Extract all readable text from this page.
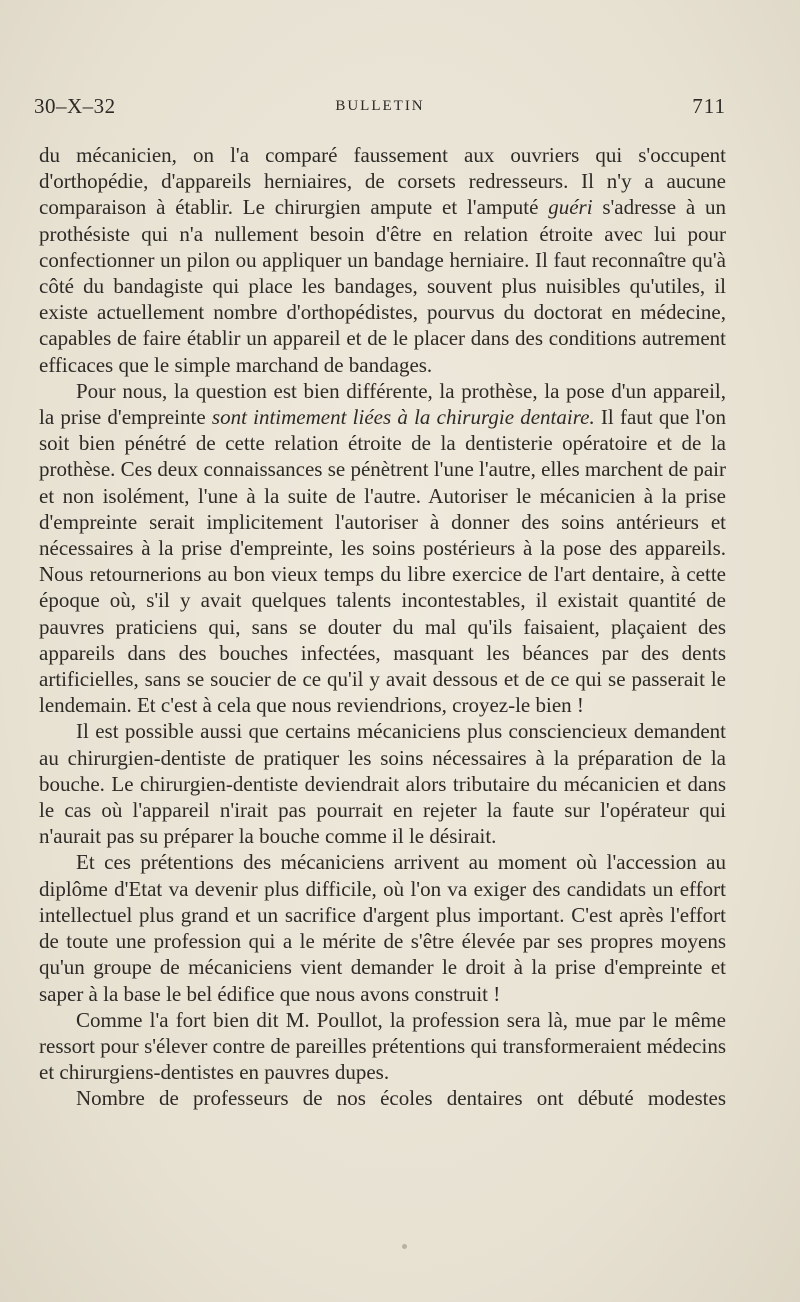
30–X–32	BULLETIN	711

du mécanicien, on l'a comparé faussement aux ouvriers qui s'occupent d'orthopédie, d'appareils herniaires, de corsets redresseurs. Il n'y a aucune comparaison à établir. Le chirurgien ampute et l'amputé guéri s'adresse à un prothésiste qui n'a nullement besoin d'être en relation étroite avec lui pour confectionner un pilon ou appliquer un bandage herniaire. Il faut reconnaître qu'à côté du bandagiste qui place les bandages, souvent plus nuisibles qu'utiles, il existe actuellement nombre d'orthopédistes, pourvus du doctorat en médecine, capables de faire établir un appareil et de le placer dans des conditions autrement efficaces que le simple marchand de bandages.

Pour nous, la question est bien différente, la prothèse, la pose d'un appareil, la prise d'empreinte sont intimement liées à la chirurgie dentaire. Il faut que l'on soit bien pénétré de cette relation étroite de la dentisterie opératoire et de la prothèse. Ces deux connaissances se pénètrent l'une l'autre, elles marchent de pair et non isolément, l'une à la suite de l'autre. Autoriser le mécanicien à la prise d'empreinte serait implicitement l'autoriser à donner des soins antérieurs et nécessaires à la prise d'empreinte, les soins postérieurs à la pose des appareils. Nous retournerions au bon vieux temps du libre exercice de l'art dentaire, à cette époque où, s'il y avait quelques talents incontestables, il existait quantité de pauvres praticiens qui, sans se douter du mal qu'ils faisaient, plaçaient des appareils dans des bouches infectées, masquant les béances par des dents artificielles, sans se soucier de ce qu'il y avait dessous et de ce qui se passerait le lendemain. Et c'est à cela que nous reviendrions, croyez-le bien !

Il est possible aussi que certains mécaniciens plus consciencieux demandent au chirurgien-dentiste de pratiquer les soins nécessaires à la préparation de la bouche. Le chirurgien-dentiste deviendrait alors tributaire du mécanicien et dans le cas où l'appareil n'irait pas pourrait en rejeter la faute sur l'opérateur qui n'aurait pas su préparer la bouche comme il le désirait.

Et ces prétentions des mécaniciens arrivent au moment où l'accession au diplôme d'Etat va devenir plus difficile, où l'on va exiger des candidats un effort intellectuel plus grand et un sacrifice d'argent plus important. C'est après l'effort de toute une profession qui a le mérite de s'être élevée par ses propres moyens qu'un groupe de mécaniciens vient demander le droit à la prise d'empreinte et saper à la base le bel édifice que nous avons construit !

Comme l'a fort bien dit M. Poullot, la profession sera là, mue par le même ressort pour s'élever contre de pareilles prétentions qui transformeraient médecins et chirurgiens-dentistes en pauvres dupes.

Nombre de professeurs de nos écoles dentaires ont débuté modestes
